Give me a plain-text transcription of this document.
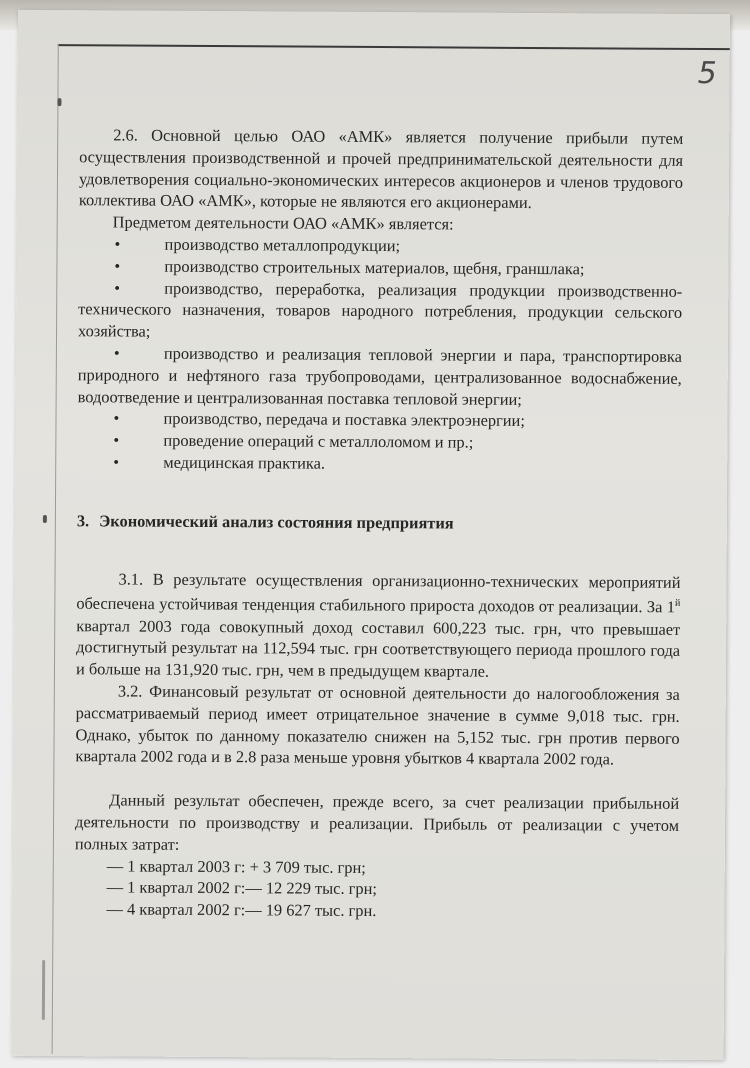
5

2.6. Основной целью ОАО «АМК» является получение прибыли путем осуществления производственной и прочей предпринимательской деятельности для удовлетворения социально-экономических интересов акционеров и членов трудового коллектива ОАО «АМК», которые не являются его акционерами.

Предметом деятельности ОАО «АМК» является:

•	производство металлопродукции;
•	производство строительных материалов, щебня, граншлака;
•	производство, переработка, реализация продукции производственно-технического назначения, товаров народного потребления, продукции сельского хозяйства;
•	производство и реализация тепловой энергии и пара, транспортировка природного и нефтяного газа трубопроводами, централизованное водоснабжение, водоотведение и централизованная поставка тепловой энергии;
•	производство, передача и поставка электроэнергии;
•	проведение операций с металлоломом и пр.;
•	медицинская практика.

3. Экономический анализ состояния предприятия

3.1. В результате осуществления организационно-технических мероприятий обеспечена устойчивая тенденция стабильного прироста доходов от реализации. За $1^й$ квартал 2003 года совокупный доход составил 600,223 тыс. грн, что превышает достигнутый результат на 112,594 тыс. грн соответствующего периода прошлого года и больше на 131,920 тыс. грн, чем в предыдущем квартале.

3.2. Финансовый результат от основной деятельности до налогообложения за рассматриваемый период имеет отрицательное значение в сумме 9,018 тыс. грн. Однако, убыток по данному показателю снижен на 5,152 тыс. грн против первого квартала 2002 года и в 2.8 раза меньше уровня убытков 4 квартала 2002 года.

Данный результат обеспечен, прежде всего, за счет реализации прибыльной деятельности по производству и реализации. Прибыль от реализации с учетом полных затрат:

— 1 квартал 2003 г: + 3 709 тыс. грн;

— 1 квартал 2002 г:— 12 229 тыс. грн;

— 4 квартал 2002 г:— 19 627 тыс. грн.
